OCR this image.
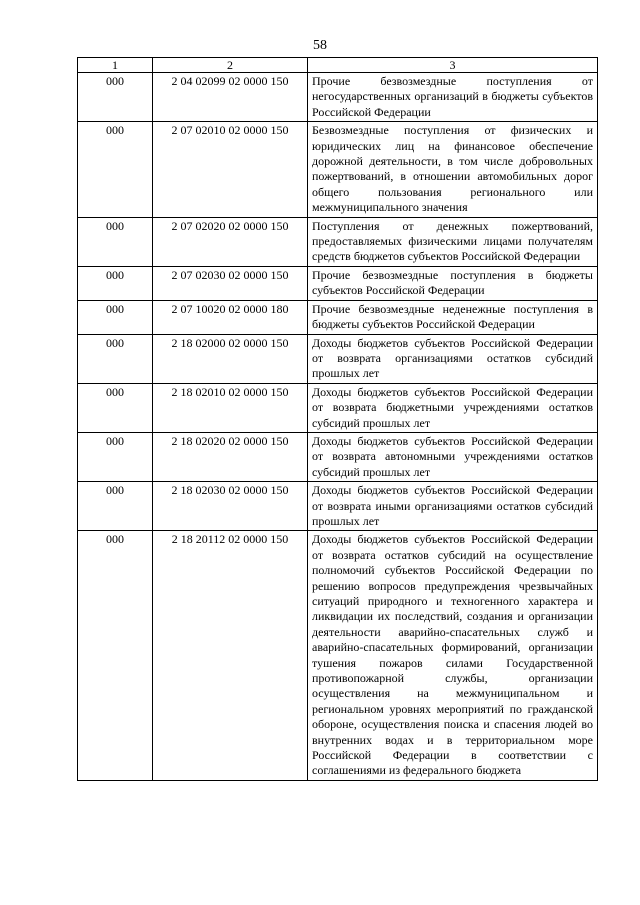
58
1	2	3
000	2 04 02099 02 0000 150	Прочие безвозмездные поступления от негосударственных организаций в бюджеты субъектов Российской Федерации
000	2 07 02010 02 0000 150	Безвозмездные поступления от физических и юридических лиц на финансовое обеспечение дорожной деятельности, в том числе добровольных пожертвований, в отношении автомобильных дорог общего пользования регионального или межмуниципального значения
000	2 07 02020 02 0000 150	Поступления от денежных пожертвований, предоставляемых физическими лицами получателям средств бюджетов субъектов Российской Федерации
000	2 07 02030 02 0000 150	Прочие безвозмездные поступления в бюджеты субъектов Российской Федерации
000	2 07 10020 02 0000 180	Прочие безвозмездные неденежные поступления в бюджеты субъектов Российской Федерации
000	2 18 02000 02 0000 150	Доходы бюджетов субъектов Российской Федерации от возврата организациями остатков субсидий прошлых лет
000	2 18 02010 02 0000 150	Доходы бюджетов субъектов Российской Федерации от возврата бюджетными учреждениями остатков субсидий прошлых лет
000	2 18 02020 02 0000 150	Доходы бюджетов субъектов Российской Федерации от возврата автономными учреждениями остатков субсидий прошлых лет
000	2 18 02030 02 0000 150	Доходы бюджетов субъектов Российской Федерации от возврата иными организациями остатков субсидий прошлых лет
000	2 18 20112 02 0000 150	Доходы бюджетов субъектов Российской Федерации от возврата остатков субсидий на осуществление полномочий субъектов Российской Федерации по решению вопросов предупреждения чрезвычайных ситуаций природного и техногенного характера и ликвидации их последствий, создания и организации деятельности аварийно-спасательных служб и аварийно-спасательных формирований, организации тушения пожаров силами Государственной противопожарной службы, организации осуществления на межмуниципальном и региональном уровнях мероприятий по гражданской обороне, осуществления поиска и спасения людей во внутренних водах и в территориальном море Российской Федерации в соответствии с соглашениями из федерального бюджета
